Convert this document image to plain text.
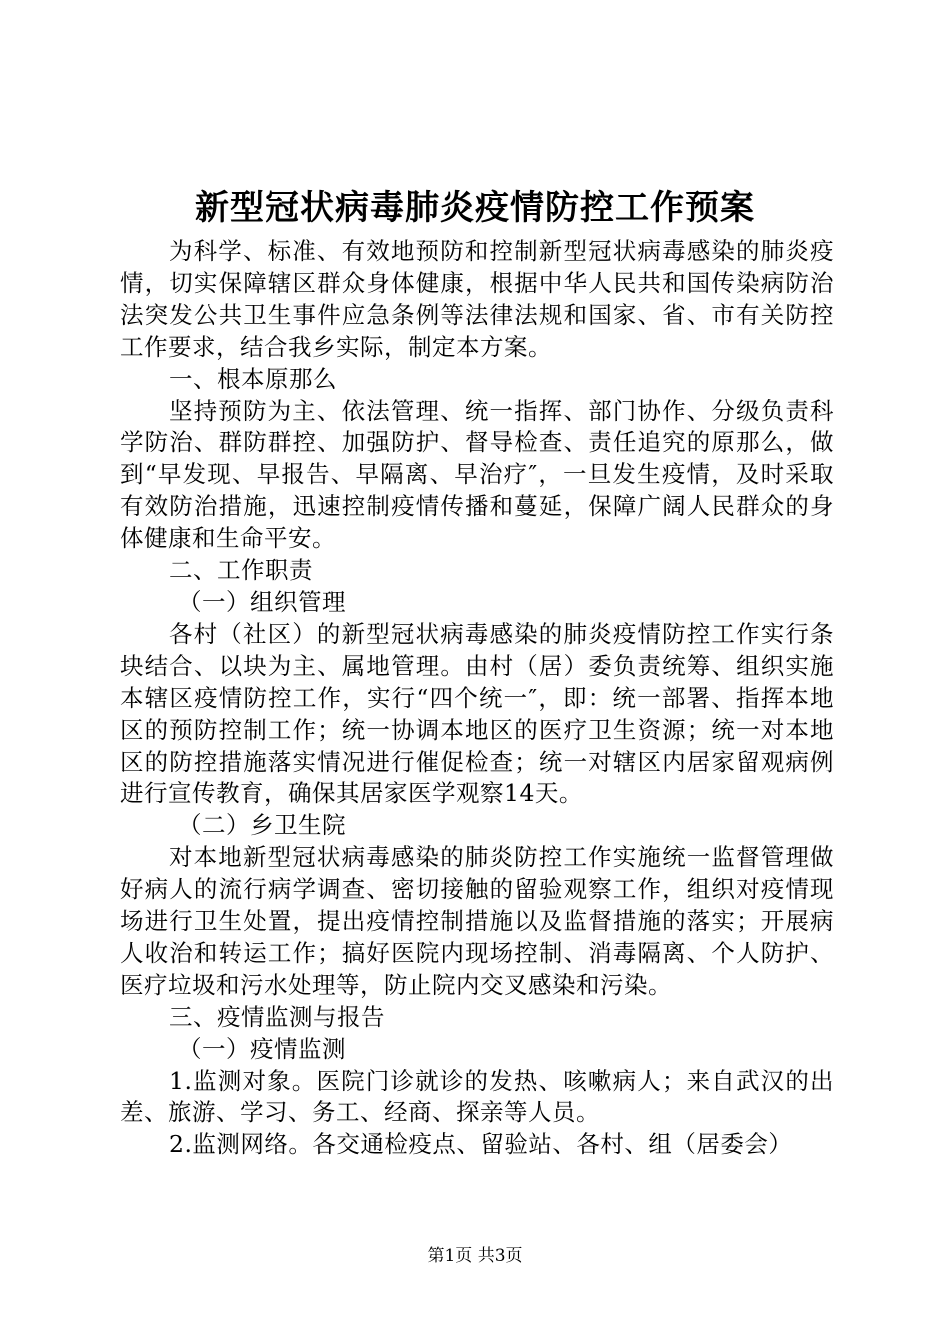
新型冠状病毒肺炎疫情防控工作预案

为科学、标准、有效地预防和控制新型冠状病毒感染的肺炎疫情，切实保障辖区群众身体健康，根据中华人民共和国传染病防治法突发公共卫生事件应急条例等法律法规和国家、省、市有关防控工作要求，结合我乡实际，制定本方案。

一、根本原那么

坚持预防为主、依法管理、统一指挥、部门协作、分级负责科学防治、群防群控、加强防护、督导检查、责任追究的原那么，做到“早发现、早报告、早隔离、早治疗″，一旦发生疫情，及时采取有效防治措施，迅速控制疫情传播和蔓延，保障广阔人民群众的身体健康和生命平安。

二、工作职责

（一）组织管理

各村（社区）的新型冠状病毒感染的肺炎疫情防控工作实行条块结合、以块为主、属地管理。由村（居）委负责统筹、组织实施本辖区疫情防控工作，实行“四个统一″，即：统一部署、指挥本地区的预防控制工作；统一协调本地区的医疗卫生资源；统一对本地区的防控措施落实情况进行催促检查；统一对辖区内居家留观病例进行宣传教育，确保其居家医学观察14天。

（二）乡卫生院

对本地新型冠状病毒感染的肺炎防控工作实施统一监督管理做好病人的流行病学调查、密切接触的留验观察工作，组织对疫情现场进行卫生处置，提出疫情控制措施以及监督措施的落实；开展病人收治和转运工作；搞好医院内现场控制、消毒隔离、个人防护、医疗垃圾和污水处理等，防止院内交叉感染和污染。

三、疫情监测与报告

（一）疫情监测

1.监测对象。医院门诊就诊的发热、咳嗽病人；来自武汉的出差、旅游、学习、务工、经商、探亲等人员。

2.监测网络。各交通检疫点、留验站、各村、组（居委会）

第1页 共3页
